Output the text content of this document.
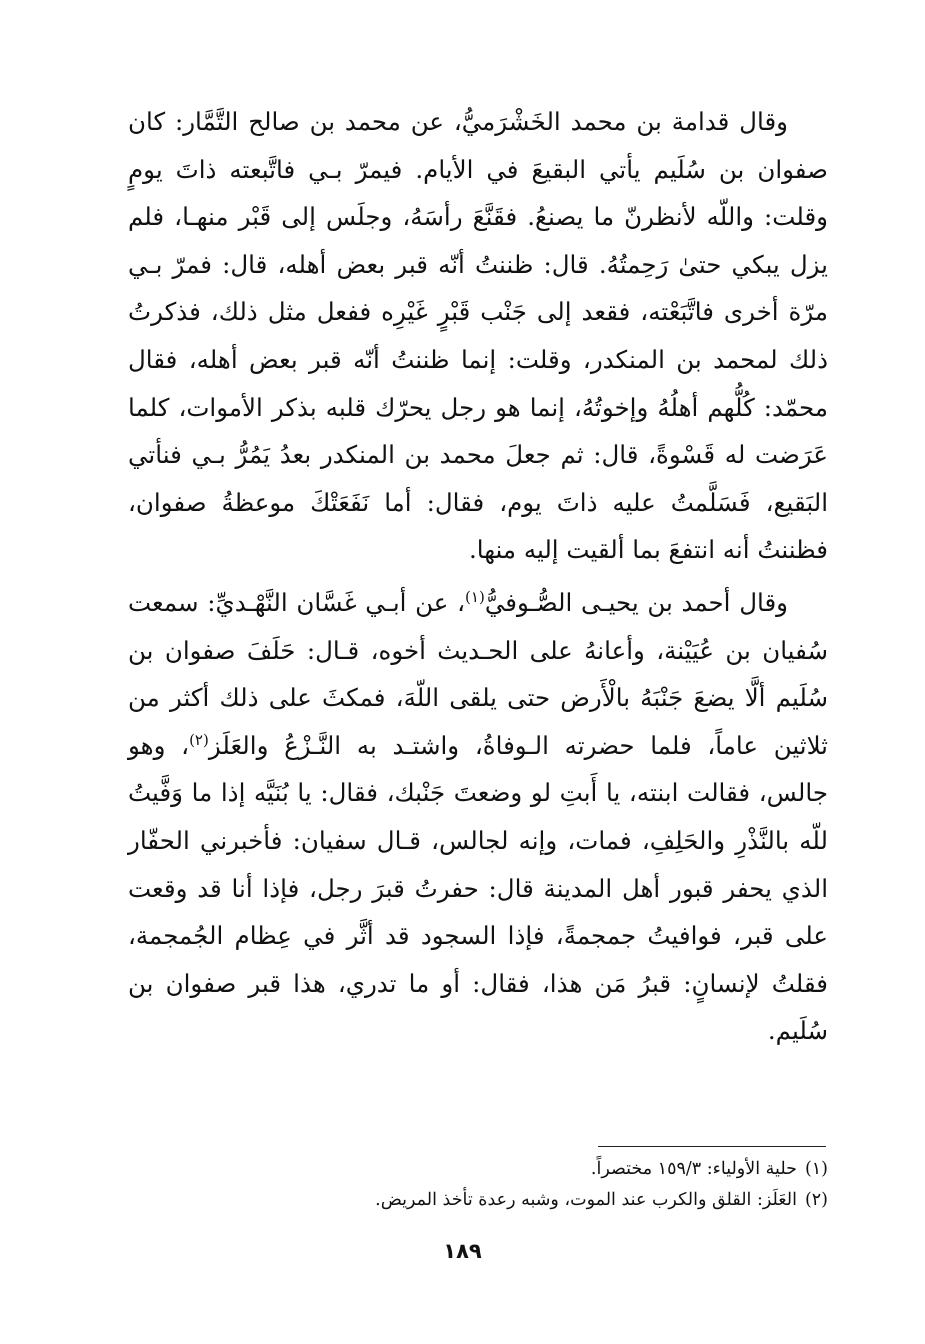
وقال قدامة بن محمد الخَشْرَميُّ، عن محمد بن صالح التَّمَّار: كان صفوان بن سُلَيم يأتي البقيعَ في الأيام. فيمرّ بـي فاتَّبعته ذاتَ يومٍ وقلت: واللّه لأنظرنّ ما يصنعُ. فقَنَّعَ رأسَهُ، وجلَس إلى قَبْر منهـا، فلم يزل يبكي حتىٰ رَحِمتُهُ. قال: ظننتُ أنّه قبر بعض أهله، قال: فمرّ بـي مرّة أخرى فاتَّبَعْته، فقعد إلى جَنْب قَبْرٍ غَيْرِه ففعل مثل ذلك، فذكرتُ ذلك لمحمد بن المنكدر، وقلت: إنما ظننتُ أنّه قبر بعض أهله، فقال محمّد: كُلُّهم أهلُهُ وإخوتُهُ، إنما هو رجل يحرّك قلبه بذكر الأموات، كلما عَرَضت له قَسْوةً، قال: ثم جعلَ محمد بن المنكدر بعدُ يَمُرُّ بـي فنأتي البَقيع، فَسَلَّمتُ عليه ذاتَ يوم، فقال: أما نَفَعَتْكَ موعظةُ صفوان، فظننتُ أنه انتفعَ بما ألقيت إليه منها.

وقال أحمد بن يحيـى الصُّـوفيُّ$^{(١)}$، عن أبـي غَسَّان النَّهْـديِّ: سمعت سُفيان بن عُيَيْنة، وأعانهُ على الحـديث أخوه، قـال: حَلَفَ صفوان بن سُلَيم ألَّا يضعَ جَنْبَهُ بالْأَرض حتى يلقى اللّهَ، فمكثَ على ذلك أكثر من ثلاثين عاماً، فلما حضرته الـوفاةُ، واشتـد به النَّـزْعُ والعَلَز$^{(٢)}$، وهو جالس، فقالت ابنته، يا أَبتِ لو وضعتَ جَنْبك، فقال: يا بُنَيَّه إذا ما وَفَّيتُ للّه بالنَّذْرِ والحَلِفِ، فمات، وإنه لجالس، قـال سفيان: فأخبرني الحفّار الذي يحفر قبور أهل المدينة قال: حفرتُ قبرَ رجل، فإذا أنا قد وقعت على قبر، فوافيتُ جمجمةً، فإذا السجود قد أثَّر في عِظام الجُمجمة، فقلتُ لإنسانٍ: قبرُ مَن هذا، فقال: أو ما تدري، هذا قبر صفوان بن سُلَيم.

(١)حلية الأولياء: ١٥٩/٣ مختصراً.

(٢)العَلَز: القلق والكرب عند الموت، وشبه رعدة تأخذ المريض.

١٨٩
